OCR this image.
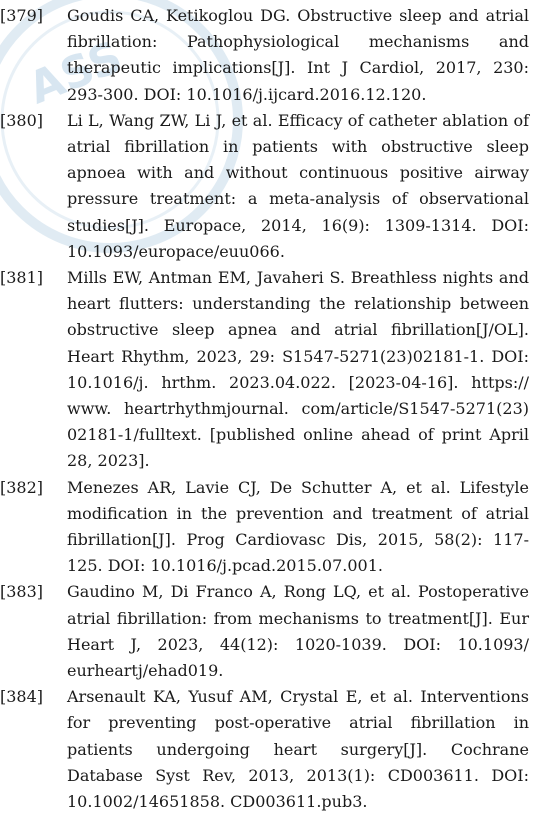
ASS
[379]	Goudis CA, Ketikoglou DG. Obstructive sleep and atrial fibrillation: Pathophysiological mechanisms and therapeutic implications[J]. Int J Cardiol, 2017, 230: 293-300. DOI: 10.1016/j.ijcard.2016.12.120.
[380]	Li L, Wang ZW, Li J, et al. Efficacy of catheter ablation of atrial fibrillation in patients with obstructive sleep apnoea with and without continuous positive airway pressure treatment: a meta-analysis of observational studies[J]. Europace, 2014, 16(9): 1309-1314. DOI: 10.1093/europace/euu066.
[381]	Mills EW, Antman EM, Javaheri S. Breathless nights and heart flutters: understanding the relationship between obstructive sleep apnea and atrial fibrillation[J/OL]. Heart Rhythm, 2023, 29: S1547-5271(23)02181-1. DOI: 10.1016/j. hrthm. 2023.04.022. [2023-04-16]. https:// www. heartrhythmjournal. com/article/S1547-5271(23) 02181-1/fulltext. [published online ahead of print April 28, 2023].
[382]	Menezes AR, Lavie CJ, De Schutter A, et al. Lifestyle modification in the prevention and treatment of atrial fibrillation[J]. Prog Cardiovasc Dis, 2015, 58(2): 117-125. DOI: 10.1016/j.pcad.2015.07.001.
[383]	Gaudino M, Di Franco A, Rong LQ, et al. Postoperative atrial fibrillation: from mechanisms to treatment[J]. Eur Heart J, 2023, 44(12): 1020-1039. DOI: 10.1093/ eurheartj/ehad019.
[384]	Arsenault KA, Yusuf AM, Crystal E, et al. Interventions for preventing post-operative atrial fibrillation in patients undergoing heart surgery[J]. Cochrane Database Syst Rev, 2013, 2013(1): CD003611. DOI: 10.1002/14651858. CD003611.pub3.
